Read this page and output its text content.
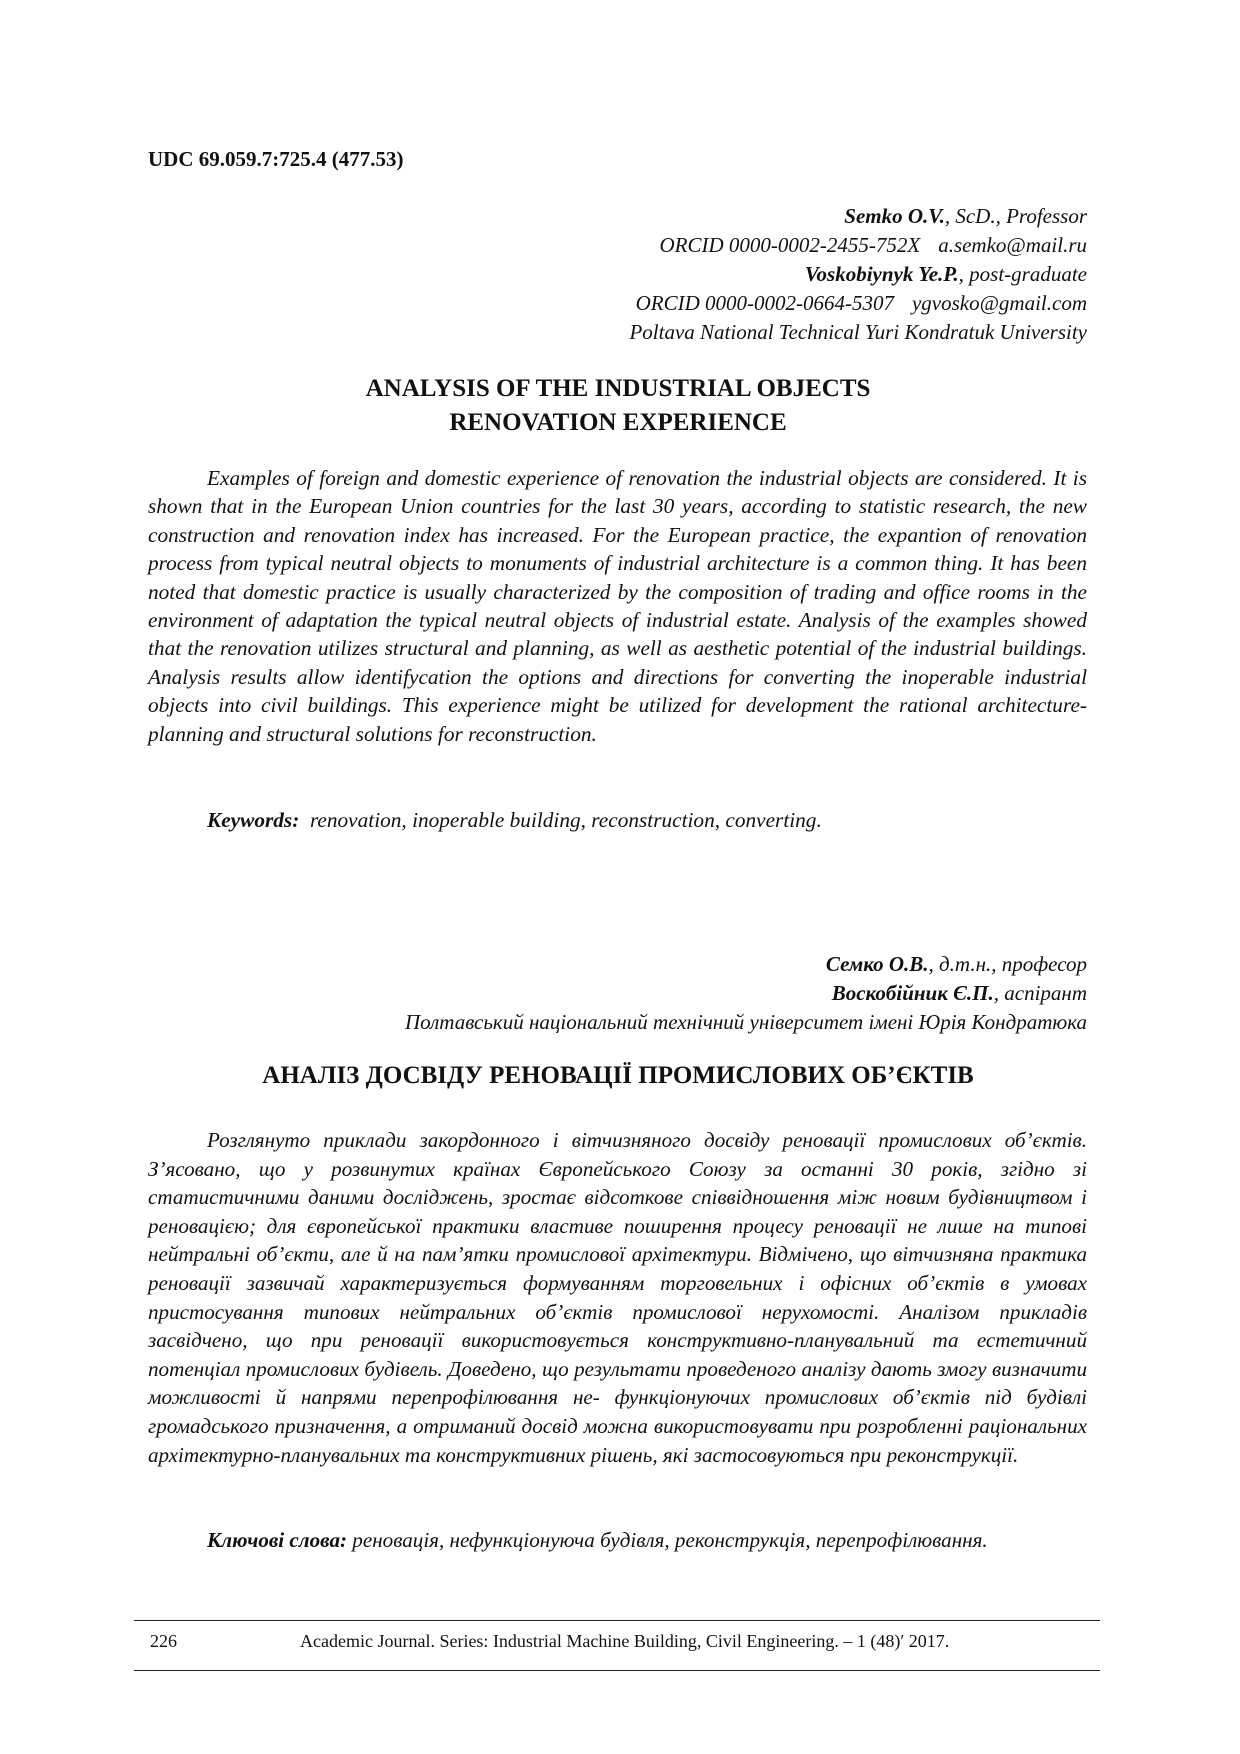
UDC 69.059.7:725.4 (477.53)

Semko O.V., ScD., Professor
ORCID 0000-0002-2455-752X a.semko@mail.ru
Voskobiynyk Ye.P., post-graduate
ORCID 0000-0002-0664-5307 ygvosko@gmail.com
Poltava National Technical Yuri Kondratuk University
ANALYSIS OF THE INDUSTRIAL OBJECTS
RENOVATION EXPERIENCE

Examples of foreign and domestic experience of renovation the industrial objects are considered. It is shown that in the European Union countries for the last 30 years, according to statistic research, the new construction and renovation index has increased. For the European practice, the expantion of renovation process from typical neutral objects to monuments of industrial architecture is a common thing. It has been noted that domestic practice is usually characterized by the composition of trading and office rooms in the environment of adaptation the typical neutral objects of industrial estate. Analysis of the examples showed that the renovation utilizes structural and planning, as well as aesthetic potential of the industrial buildings. Analysis results allow identifycation the options and directions for converting the inoperable industrial objects into civil buildings. This experience might be utilized for development the rational architecture-planning and structural solutions for reconstruction.

Keywords: renovation, inoperable building, reconstruction, converting.

Семко О.В., д.т.н., професор
Воскобійник Є.П., аспірант
Полтавський національний технічний університет імені Юрія Кондратюка
АНАЛІЗ ДОСВІДУ РЕНОВАЦІЇ ПРОМИСЛОВИХ ОБ’ЄКТІВ

Розглянуто приклади закордонного і вітчизняного досвіду реновації промислових об’єктів. З’ясовано, що у розвинутих країнах Європейського Союзу за останні 30 років, згідно зі статистичними даними досліджень, зростає відсоткове співвідношення між новим будівництвом і реновацією; для європейської практики властиве поширення процесу реновації не лише на типові нейтральні об’єкти, але й на пам’ятки промислової архітектури. Відмічено, що вітчизняна практика реновації зазвичай характеризується формуванням торговельних і офісних об’єктів в умовах пристосування типових нейтральних об’єктів промислової нерухомості. Аналізом прикладів засвідчено, що при реновації використовується конструктивно-планувальний та естетичний потенціал промислових будівель. Доведено, що результати проведеного аналізу дають змогу визначити можливості й напрями перепрофілювання не- функціонуючих промислових об’єктів під будівлі громадського призначення, а отриманий досвід можна використовувати при розробленні раціональних архітектурно-планувальних та конструктивних рішень, які застосовуються при реконструкції.

Ключові слова: реновація, нефункціонуюча будівля, реконструкція, перепрофілювання.

226	Academic Journal. Series: Industrial Machine Building, Civil Engineering. – 1 (48)′ 2017.
